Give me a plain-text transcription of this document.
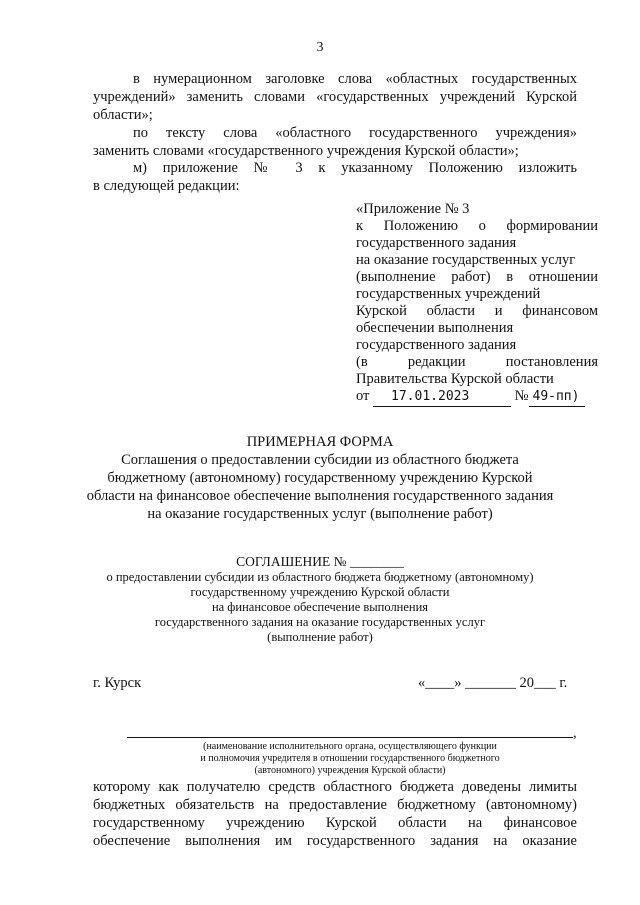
3
в нумерационном заголовке слова «областных государственных
учреждений» заменить словами «государственных учреждений Курской
области»;
по тексту слова «областного государственного учреждения»
заменить словами «государственного учреждения Курской области»;
м) приложение № 3 к указанному Положению изложить
в следующей редакции:
«Приложение № 3
к Положению о формировании
государственного задания
на оказание государственных услуг
(выполнение работ) в отношении
государственных учреждений
Курской области и финансовом
обеспечении выполнения
государственного задания
(в редакции постановления
Правительства Курской области
от 17.01.2023	№ 49-пп)
ПРИМЕРНАЯ ФОРМА
Соглашения о предоставлении субсидии из областного бюджета
бюджетному (автономному) государственному учреждению Курской
области на финансовое обеспечение выполнения государственного задания
на оказание государственных услуг (выполнение работ)
СОГЛАШЕНИЕ № ________
о предоставлении субсидии из областного бюджета бюджетному (автономному)
государственному учреждению Курской области
на финансовое обеспечение выполнения
государственного задания на оказание государственных услуг
(выполнение работ)
г. Курск	«____» _______ 20___ г.
,
(наименование исполнительного органа, осуществляющего функции
и полномочия учредителя в отношении государственного бюджетного
(автономного) учреждения Курской области)
которому как получателю средств областного бюджета доведены лимиты
бюджетных обязательств на предоставление бюджетному (автономному)
государственному учреждению Курской области на финансовое
обеспечение выполнения им государственного задания на оказание
